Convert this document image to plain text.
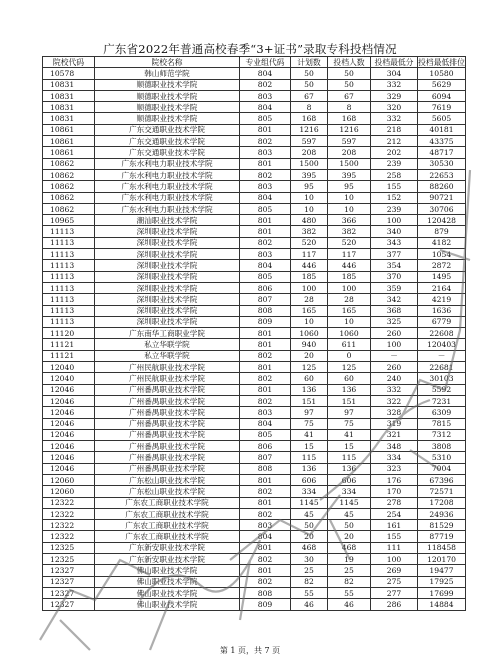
广东省2022年普通高校春季“3+证书”录取专科投档情况
院校代码	院校名称	专业组代码	计划数	投档人数	投档最低分	投档最低排位
10578	韩山师范学院	804	50	50	304	10580
10831	顺德职业技术学院	802	50	50	332	5629
10831	顺德职业技术学院	803	67	67	329	6094
10831	顺德职业技术学院	804	8	8	320	7619
10831	顺德职业技术学院	805	168	168	332	5605
10861	广东交通职业技术学院	801	1216	1216	218	40181
10861	广东交通职业技术学院	802	597	597	212	43375
10861	广东交通职业技术学院	803	208	208	202	48717
10862	广东水利电力职业技术学院	801	1500	1500	239	30530
10862	广东水利电力职业技术学院	802	395	395	258	22653
10862	广东水利电力职业技术学院	803	95	95	155	88260
10862	广东水利电力职业技术学院	804	10	10	152	90721
10862	广东水利电力职业技术学院	805	10	10	239	30706
10965	潮汕职业技术学院	801	480	366	100	120428
11113	深圳职业技术学院	801	382	382	340	879
11113	深圳职业技术学院	802	520	520	343	4182
11113	深圳职业技术学院	803	117	117	377	1054
11113	深圳职业技术学院	804	446	446	354	2872
11113	深圳职业技术学院	805	185	185	370	1495
11113	深圳职业技术学院	806	100	100	359	2164
11113	深圳职业技术学院	807	28	28	342	4219
11113	深圳职业技术学院	808	165	165	368	1636
11113	深圳职业技术学院	809	10	10	325	6779
11120	广东南华工商职业学院	801	1060	1060	260	22608
11121	私立华联学院	801	940	611	100	120403
11121	私立华联学院	802	20	0	－	－
12040	广州民航职业技术学院	801	125	125	260	22681
12040	广州民航职业技术学院	802	60	60	240	30103
12046	广州番禺职业技术学院	801	136	136	332	5592
12046	广州番禺职业技术学院	802	151	151	322	7231
12046	广州番禺职业技术学院	803	97	97	328	6309
12046	广州番禺职业技术学院	804	75	75	319	7815
12046	广州番禺职业技术学院	805	41	41	321	7312
12046	广州番禺职业技术学院	806	15	15	348	3808
12046	广州番禺职业技术学院	807	115	115	334	5310
12046	广州番禺职业技术学院	808	136	136	323	7004
12060	广东松山职业技术学院	801	606	606	176	67396
12060	广东松山职业技术学院	802	334	334	170	72571
12322	广东农工商职业技术学院	801	1145	1145	278	17208
12322	广东农工商职业技术学院	802	45	45	254	24936
12322	广东农工商职业技术学院	803	50	50	161	81529
12322	广东农工商职业技术学院	804	20	20	155	87719
12325	广东新安职业技术学院	801	468	468	111	118458
12325	广东新安职业技术学院	802	30	19	100	120170
12327	佛山职业技术学院	801	25	25	269	19477
12327	佛山职业技术学院	802	82	82	275	17925
12327	佛山职业技术学院	808	55	55	277	17699
12327	佛山职业技术学院	809	46	46	286	14884
第 1 页，共 7 页
